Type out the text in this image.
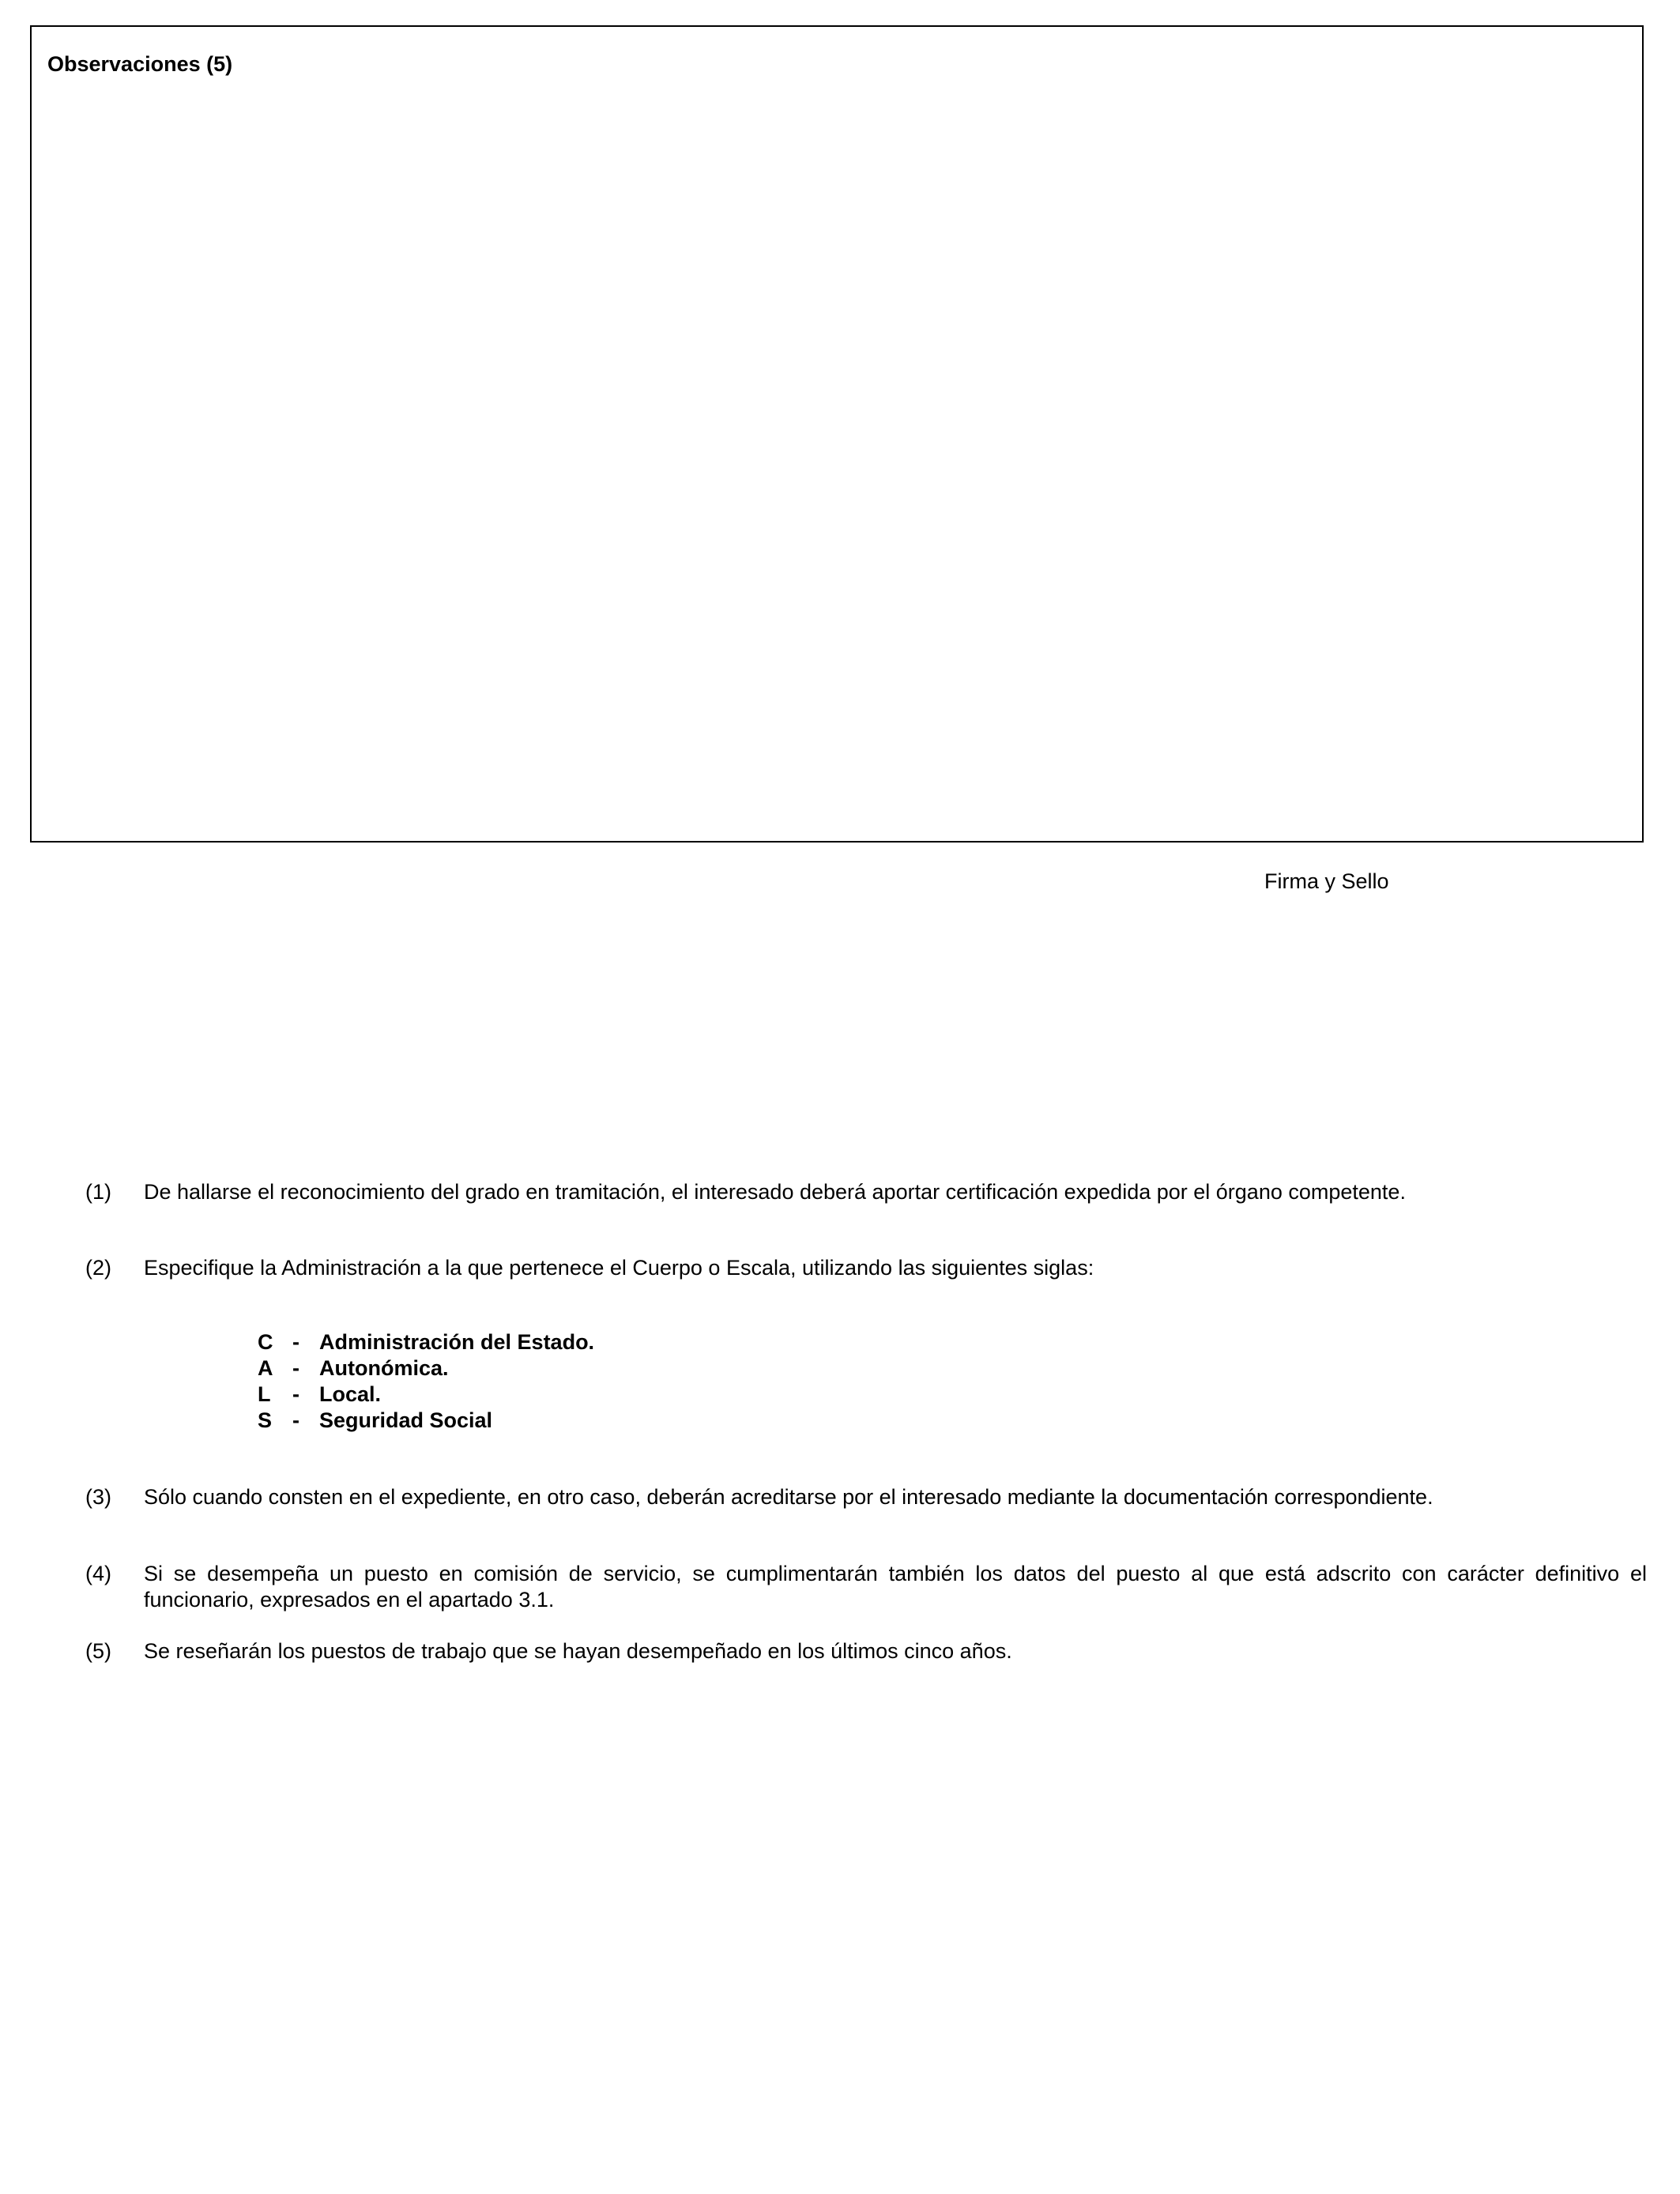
Observaciones (5)
Firma y Sello
(1) De hallarse el reconocimiento del grado en tramitación, el interesado deberá aportar certificación expedida por el órgano competente.
(2) Especifique la Administración a la que pertenece el Cuerpo o Escala, utilizando las siguientes siglas:
C - Administración del Estado.
A - Autonómica.
L - Local.
S - Seguridad Social
(3) Sólo cuando consten en el expediente, en otro caso, deberán acreditarse por el interesado mediante la documentación correspondiente.
(4) Si se desempeña un puesto en comisión de servicio, se cumplimentarán también los datos del puesto al que está adscrito con carácter definitivo el funcionario, expresados en el apartado 3.1.
(5) Se reseñarán los puestos de trabajo que se hayan desempeñado en los últimos cinco años.
